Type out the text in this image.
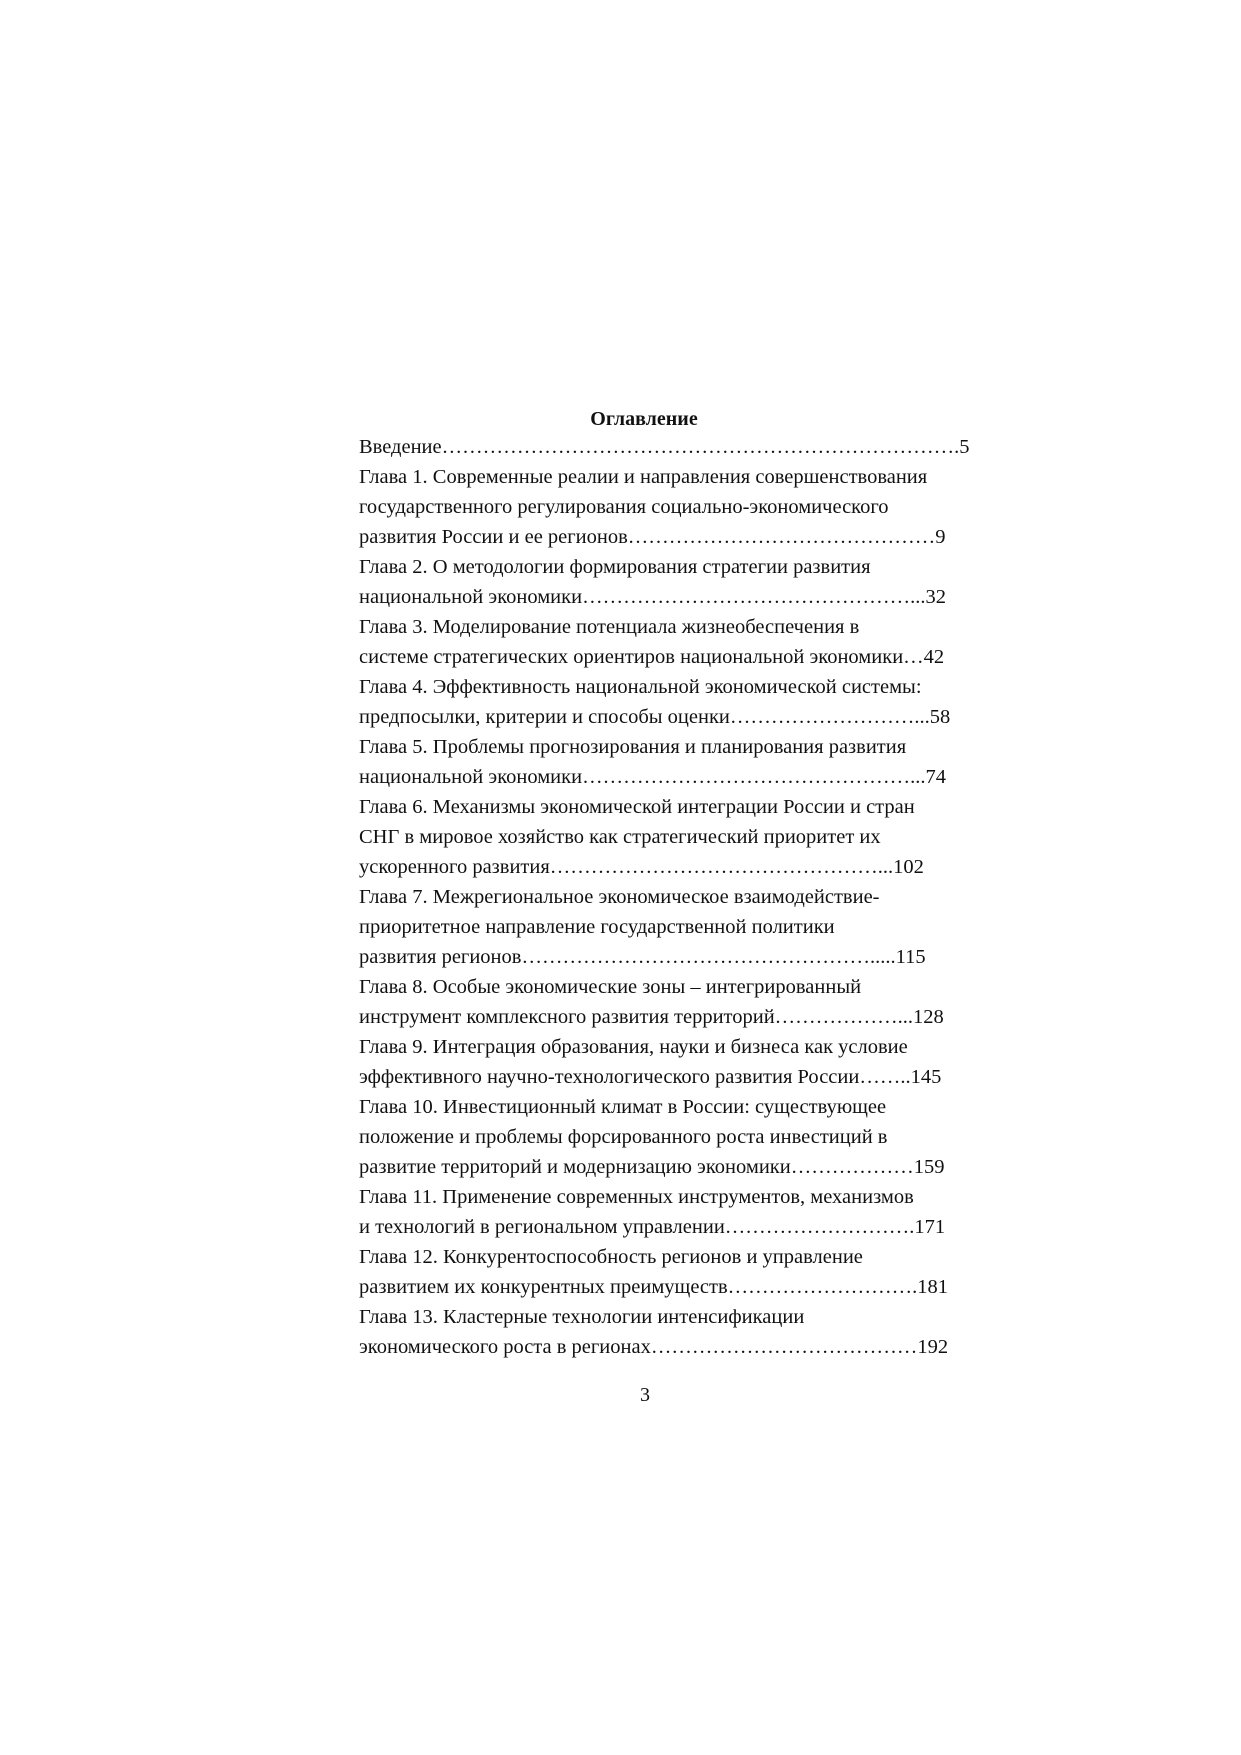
Оглавление
Введение………………………………………………………………….5
Глава 1. Современные реалии и направления совершенствования
государственного регулирования социально-экономического
развития России и ее регионов………………………………………9
Глава 2. О методологии формирования стратегии развития
национальной экономики…………………………………………...32
Глава 3. Моделирование потенциала жизнеобеспечения в
системе стратегических ориентиров национальной экономики…42
Глава 4. Эффективность национальной экономической системы:
предпосылки, критерии и способы оценки………………………...58
Глава 5. Проблемы прогнозирования и планирования развития
национальной экономики…………………………………………...74
Глава 6. Механизмы экономической интеграции России и стран
СНГ в мировое хозяйство как стратегический приоритет их
ускоренного развития…………………………………………...102
Глава 7. Межрегиональное экономическое взаимодействие-
приоритетное направление государственной политики
развития регионов…………………………………………….....115
Глава 8. Особые экономические зоны – интегрированный
инструмент комплексного развития территорий………………...128
Глава 9. Интеграция образования, науки и бизнеса как условие
эффективного научно-технологического развития России……..145
Глава 10. Инвестиционный климат в России: существующее
положение и проблемы форсированного роста инвестиций в
развитие территорий и модернизацию экономики………………159
Глава 11. Применение современных инструментов, механизмов
и технологий в региональном управлении……………………….171
Глава 12. Конкурентоспособность регионов и управление
развитием их конкурентных преимуществ……………………….181
Глава 13. Кластерные технологии интенсификации
экономического роста в регионах…………………………………192
3
